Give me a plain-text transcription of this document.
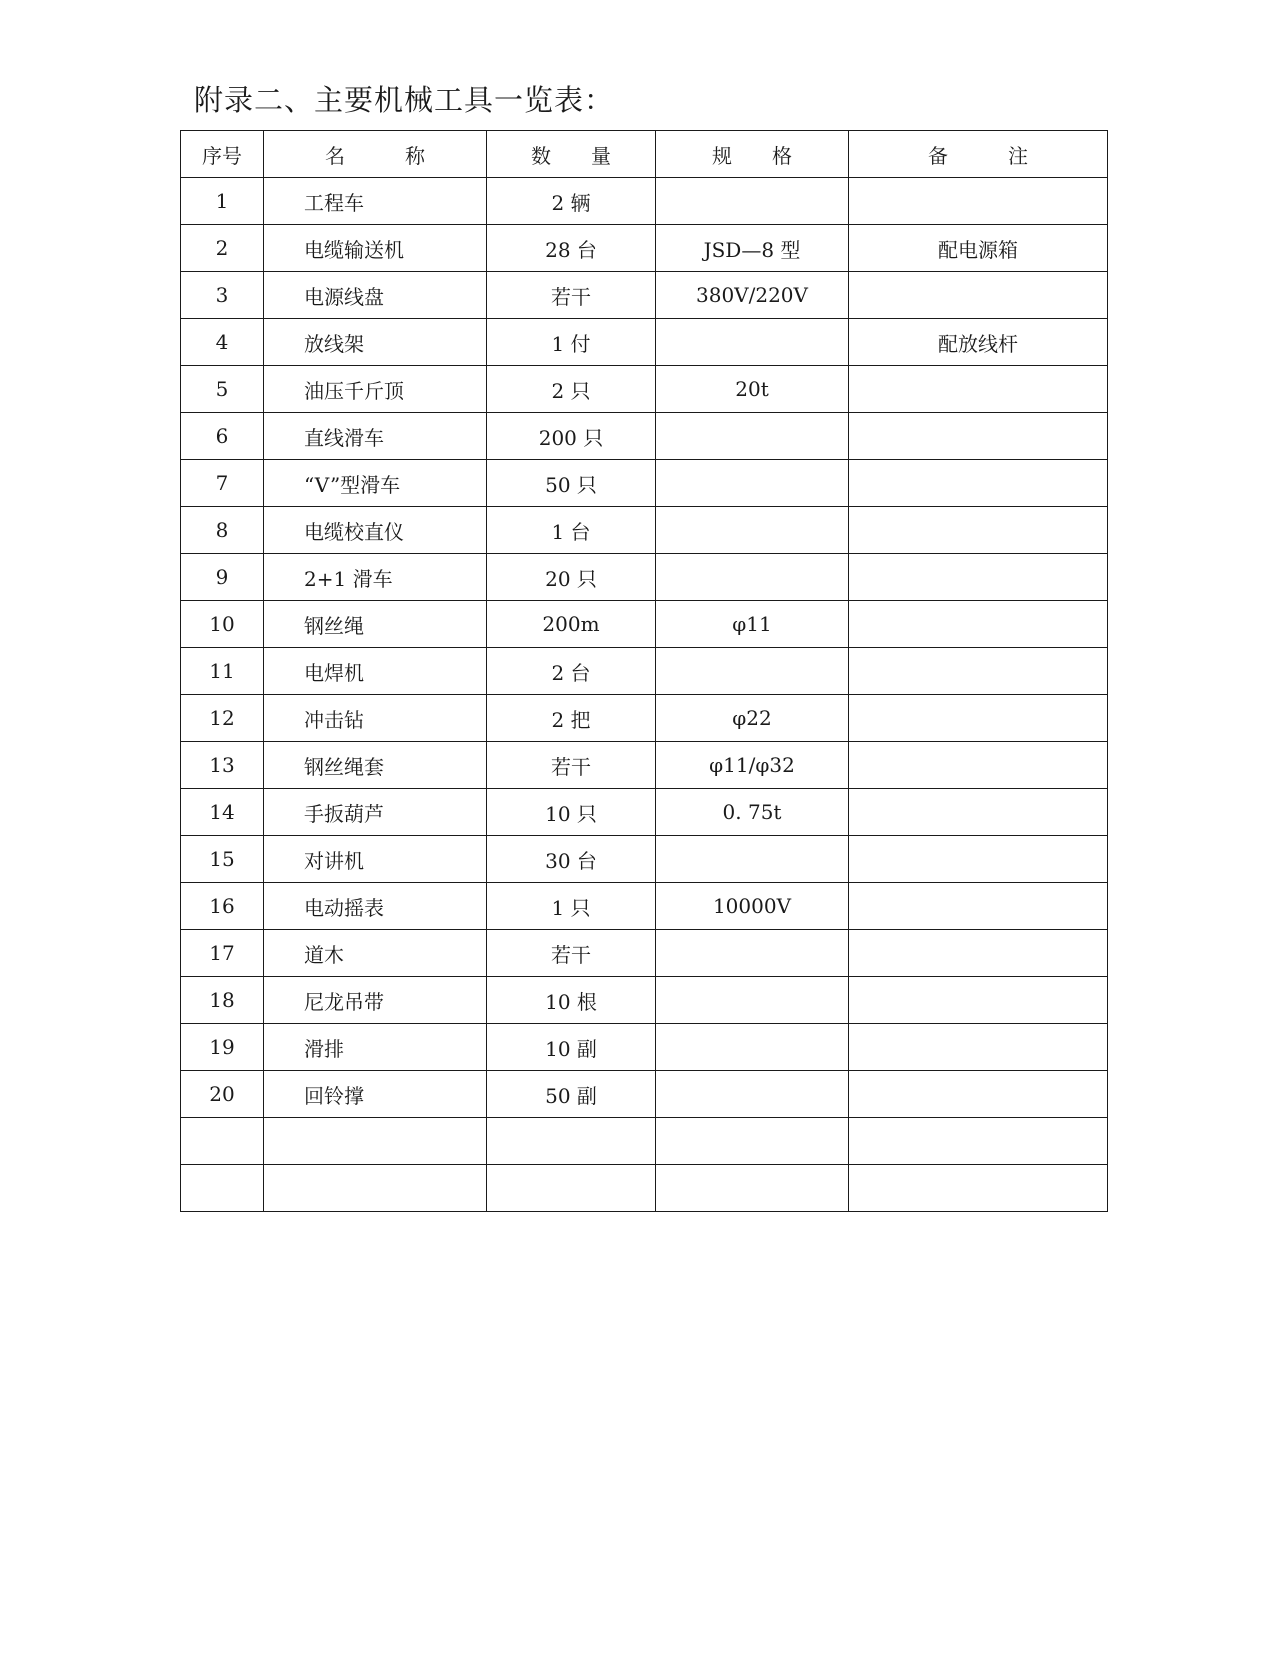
附录二、主要机械工具一览表：
序号	名　　　称	数　　量	规　　格	备　　　注
1	工程车	2 辆		
2	电缆输送机	28 台	JSD—8 型	配电源箱
3	电源线盘	若干	380V/220V	
4	放线架	1 付		配放线杆
5	油压千斤顶	2 只	20t	
6	直线滑车	200 只		
7	“V”型滑车	50 只		
8	电缆校直仪	1 台		
9	2+1 滑车	20 只		
10	钢丝绳	200m	φ11	
11	电焊机	2 台		
12	冲击钻	2 把	φ22	
13	钢丝绳套	若干	φ11/φ32	
14	手扳葫芦	10 只	0. 75t	
15	对讲机	30 台		
16	电动摇表	1 只	10000V	
17	道木	若干		
18	尼龙吊带	10 根		
19	滑排	10 副		
20	回铃撑	50 副		
